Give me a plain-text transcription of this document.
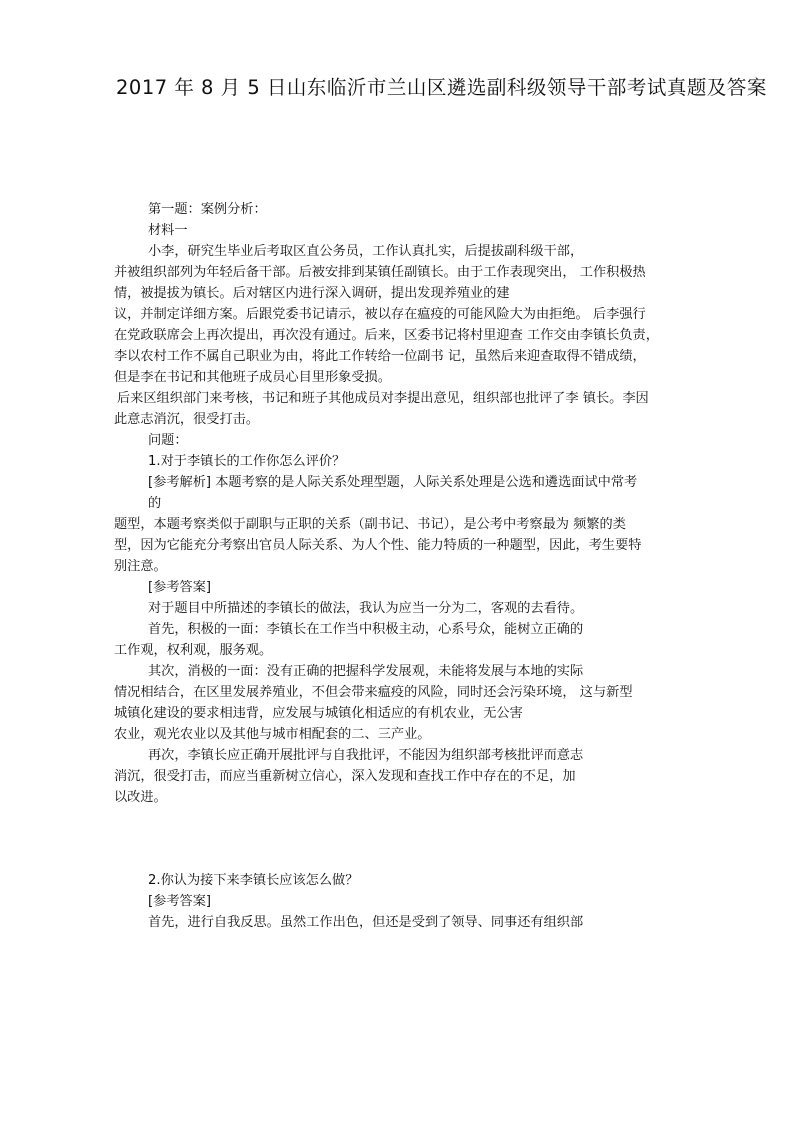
2017 年 8 月 5 日山东临沂市兰山区遴选副科级领导干部考试真题及答案
第一题：案例分析：
材料一
小李，研究生毕业后考取区直公务员，工作认真扎实，后提拔副科级干部，
并被组织部列为年轻后备干部。后被安排到某镇任副镇长。由于工作表现突出， 工作积极热
情，被提拔为镇长。后对辖区内进行深入调研，提出发现养殖业的建
议，并制定详细方案。后跟党委书记请示，被以存在瘟疫的可能风险大为由拒绝。 后李强行
在党政联席会上再次提出，再次没有通过。后来，区委书记将村里迎查 工作交由李镇长负责，
李以农村工作不属自己职业为由，将此工作转给一位副书 记，虽然后来迎查取得不错成绩，
但是李在书记和其他班子成员心目里形象受损。
后来区组织部门来考核，书记和班子其他成员对李提出意见，组织部也批评了李 镇长。李因
此意志消沉，很受打击。
问题：
1.对于李镇长的工作你怎么评价？
[参考解析] 本题考察的是人际关系处理型题，人际关系处理是公选和遴选面试中常考
的
题型，本题考察类似于副职与正职的关系（副书记、书记），是公考中考察最为 频繁的类
型，因为它能充分考察出官员人际关系、为人个性、能力特质的一种题型，因此，考生要特
别注意。
[参考答案]
对于题目中所描述的李镇长的做法，我认为应当一分为二，客观的去看待。
首先，积极的一面：李镇长在工作当中积极主动，心系号众，能树立正确的
工作观，权利观，服务观。
其次，消极的一面：没有正确的把握科学发展观，未能将发展与本地的实际
情况相结合，在区里发展养殖业，不但会带来瘟疫的风险，同时还会污染环境， 这与新型
城镇化建设的要求相违背，应发展与城镇化相适应的有机农业，无公害
农业，观光农业以及其他与城市相配套的二、三产业。
再次，李镇长应正确开展批评与自我批评，不能因为组织部考核批评而意志
消沉，很受打击，而应当重新树立信心，深入发现和查找工作中存在的不足，加
以改进。
2.你认为接下来李镇长应该怎么做？
[参考答案]
首先，进行自我反思。虽然工作出色，但还是受到了领导、同事还有组织部
